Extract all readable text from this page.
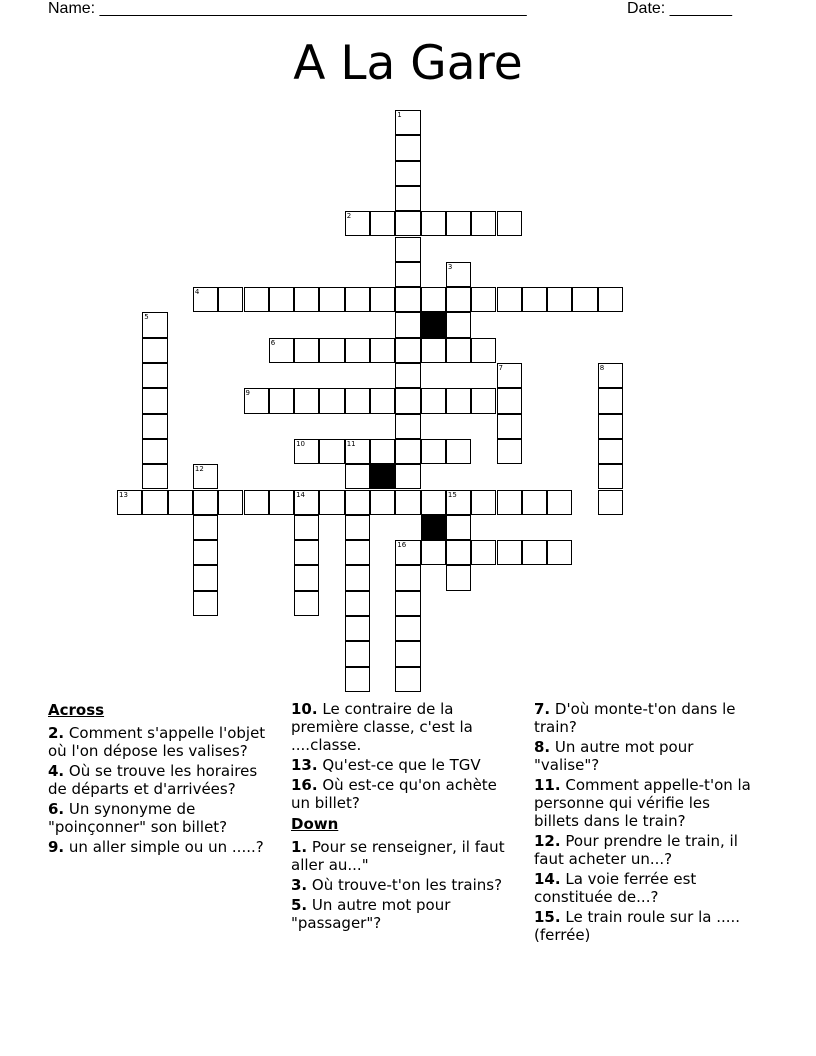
Name: ________________________________________________	Date: _______
A La Gare
1
2
3
4
5
6
7	8
9
10	11
12
13	14	15
16
Across
2. Comment s'appelle l'objet où l'on dépose les valises?
4. Où se trouve les horaires de départs et d'arrivées?
6. Un synonyme de "poinçonner" son billet?
9. un aller simple ou un .....?
10. Le contraire de la première classe, c'est la ....classe.
13. Qu'est-ce que le TGV
16. Où est-ce qu'on achète un billet?
Down
1. Pour se renseigner, il faut aller au..."
3. Où trouve-t'on les trains?
5. Un autre mot pour "passager"?
7. D'où monte-t'on dans le train?
8. Un autre mot pour "valise"?
11. Comment appelle-t'on la personne qui vérifie les billets dans le train?
12. Pour prendre le train, il faut acheter un...?
14. La voie ferrée est constituée de...?
15. Le train roule sur la ..... (ferrée)
